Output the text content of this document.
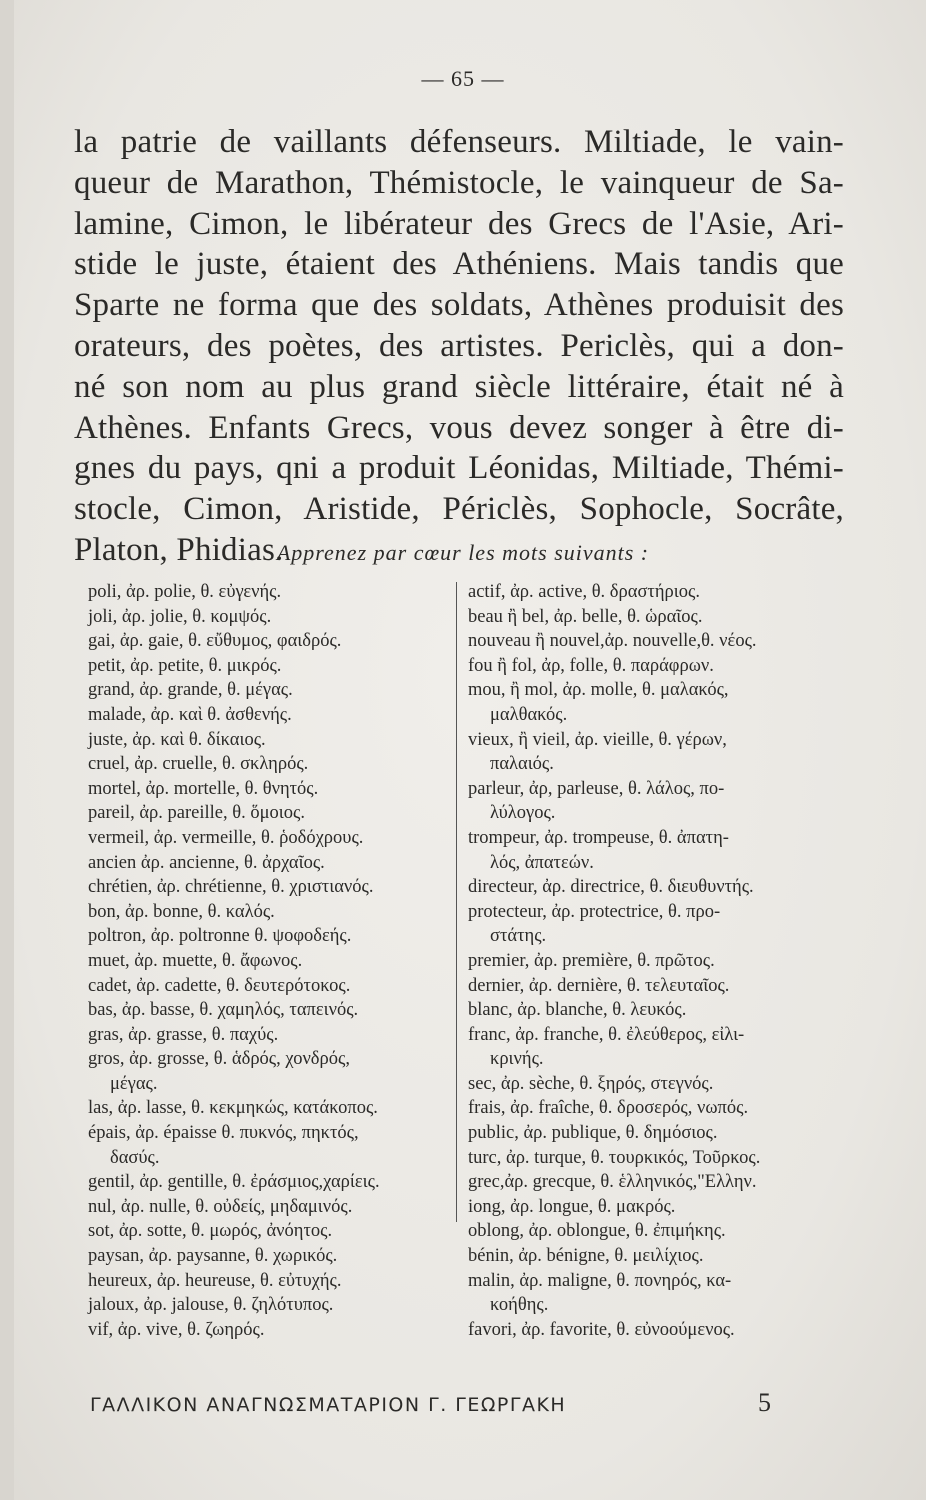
— 65 —
la patrie de vaillants défenseurs. Miltiade, le vain-
queur de Marathon, Thémistocle, le vainqueur de Sa-
lamine, Cimon, le libérateur des Grecs de l'Asie, Ari-
stide le juste, étaient des Athéniens. Mais tandis que
Sparte ne forma que des soldats, Athènes produisit des
orateurs, des poètes, des artistes. Periclès, qui a don-
né son nom au plus grand siècle littéraire, était né à
Athènes. Enfants Grecs, vous devez songer à être di-
gnes du pays, qni a produit Léonidas, Miltiade, Thémi-
stocle, Cimon, Aristide, Périclès, Sophocle, Socrâte,
Platon, Phidias.
Apprenez par cœur les mots suivants :
poli, ἀρ. polie, θ. εὐγενής.
joli, ἀρ. jolie, θ. κομψός.
gai, ἀρ. gaie, θ. εὔθυμος, φαιδρός.
petit, ἀρ. petite, θ. μικρός.
grand, ἀρ. grande, θ. μέγας.
malade, ἀρ. καὶ θ. ἀσθενής.
juste, ἀρ. καὶ θ. δίκαιος.
cruel, ἀρ. cruelle, θ. σκληρός.
mortel, ἀρ. mortelle, θ. θνητός.
pareil, ἀρ. pareille, θ. ὅμοιος.
vermeil, ἀρ. vermeille, θ. ῥοδόχρους.
ancien ἀρ. ancienne, θ. ἀρχαῖος.
chrétien, ἀρ. chrétienne, θ. χριστιανός.
bon, ἀρ. bonne, θ. καλός.
poltron, ἀρ. poltronne θ. ψοφοδεής.
muet, ἀρ. muette, θ. ἄφωνος.
cadet, ἀρ. cadette, θ. δευτερότοκος.
bas, ἀρ. basse, θ. χαμηλός, ταπεινός.
gras, ἀρ. grasse, θ. παχύς.
gros, ἀρ. grosse, θ. ἁδρός, χονδρός,
μέγας.
las, ἀρ. lasse, θ. κεκμηκώς, κατάκοπος.
épais, ἀρ. épaisse θ. πυκνός, πηκτός,
δασύς.
gentil, ἀρ. gentille, θ. ἐράσμιος,χαρίεις.
nul, ἀρ. nulle, θ. οὐδείς, μηδαμινός.
sot, ἀρ. sotte, θ. μωρός, ἀνόητος.
paysan, ἀρ. paysanne, θ. χωρικός.
heureux, ἀρ. heureuse, θ. εὐτυχής.
jaloux, ἀρ. jalouse, θ. ζηλότυπος.
vif, ἀρ. vive, θ. ζωηρός.
actif, ἀρ. active, θ. δραστήριος.
beau ἢ bel, ἀρ. belle, θ. ὡραῖος.
nouveau ἢ nouvel,ἀρ. nouvelle,θ. νέος.
fou ἢ fol, ἀρ, folle, θ. παράφρων.
mou, ἢ mol, ἀρ. molle, θ. μαλακός,
μαλθακός.
vieux, ἢ vieil, ἀρ. vieille, θ. γέρων,
παλαιός.
parleur, ἀρ, parleuse, θ. λάλος, πο-
λύλογος.
trompeur, ἀρ. trompeuse, θ. ἀπατη-
λός, ἀπατεών.
directeur, ἀρ. directrice, θ. διευθυντής.
protecteur, ἀρ. protectrice, θ. προ-
στάτης.
premier, ἀρ. première, θ. πρῶτος.
dernier, ἀρ. dernière, θ. τελευταῖος.
blanc, ἀρ. blanche, θ. λευκός.
franc, ἀρ. franche, θ. ἐλεύθερος, εἰλι-
κρινής.
sec, ἀρ. sèche, θ. ξηρός, στεγνός.
frais, ἀρ. fraîche, θ. δροσερός, νωπός.
public, ἀρ. publique, θ. δημόσιος.
turc, ἀρ. turque, θ. τουρκικός, Τοῦρκος.
grec,ἀρ. grecque, θ. ἑλληνικός,"Ελλην.
iong, ἀρ. longue, θ. μακρός.
oblong, ἀρ. oblongue, θ. ἐπιμήκης.
bénin, ἀρ. bénigne, θ. μειλίχιος.
malin, ἀρ. maligne, θ. πονηρός, κα-
κοήθης.
favori, ἀρ. favorite, θ. εὐνοούμενος.
ΓΑΛΛΙΚΟΝ ΑΝΑΓΝΩΣΜΑΤΑΡΙΟΝ Γ. ΓΕΩΡΓΑΚΗ	5
